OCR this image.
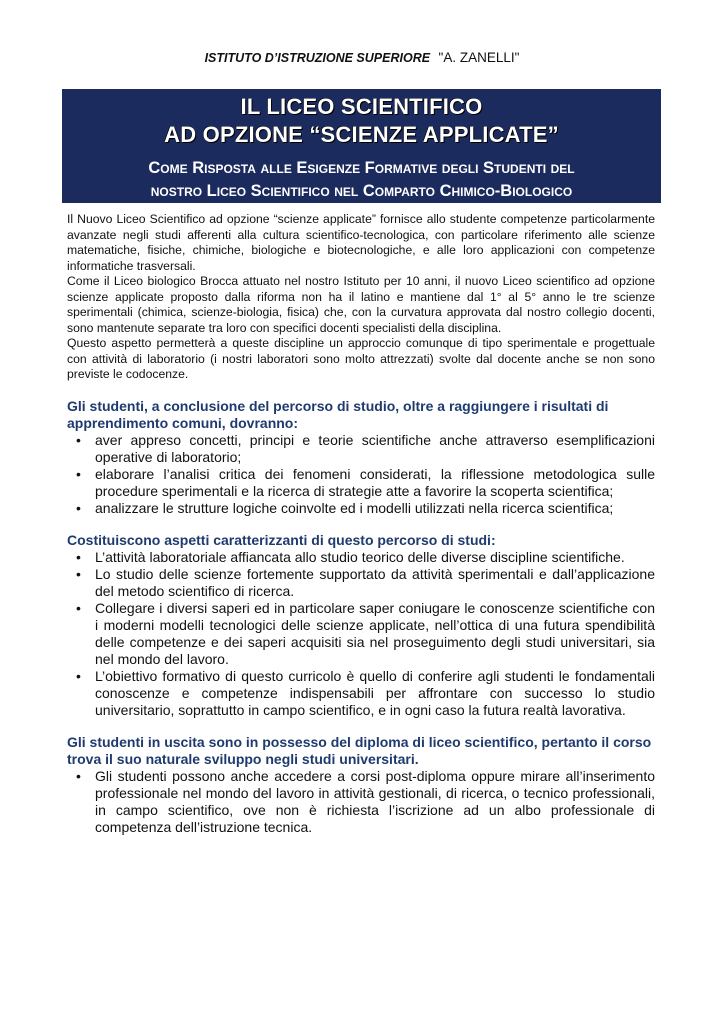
ISTITUTO D’ISTRUZIONE SUPERIORE "A. ZANELLI"
IL LICEO SCIENTIFICO
AD OPZIONE “SCIENZE APPLICATE”
Come Risposta alle Esigenze Formative degli Studenti del
nostro Liceo Scientifico nel Comparto Chimico-Biologico

Il Nuovo Liceo Scientifico ad opzione “scienze applicate” fornisce allo studente competenze particolarmente avanzate negli studi afferenti alla cultura scientifico-tecnologica, con particolare riferimento alle scienze matematiche, fisiche, chimiche, biologiche e biotecnologiche, e alle loro applicazioni con competenze informatiche trasversali.

Come il Liceo biologico Brocca attuato nel nostro Istituto per 10 anni, il nuovo Liceo scientifico ad opzione scienze applicate proposto dalla riforma non ha il latino e mantiene dal 1° al 5° anno le tre scienze sperimentali (chimica, scienze-biologia, fisica) che, con la curvatura approvata dal nostro collegio docenti, sono mantenute separate tra loro con specifici docenti specialisti della disciplina.

Questo aspetto permetterà a queste discipline un approccio comunque di tipo sperimentale e progettuale con attività di laboratorio (i nostri laboratori sono molto attrezzati) svolte dal docente anche se non sono previste le codocenze.

Gli studenti, a conclusione del percorso di studio, oltre a raggiungere i risultati di apprendimento comuni, dovranno:
• aver appreso concetti, principi e teorie scientifiche anche attraverso esemplificazioni operative di laboratorio;
• elaborare l’analisi critica dei fenomeni considerati, la riflessione metodologica sulle procedure sperimentali e la ricerca di strategie atte a favorire la scoperta scientifica;
• analizzare le strutture logiche coinvolte ed i modelli utilizzati nella ricerca scientifica;
Costituiscono aspetti caratterizzanti di questo percorso di studi:
• L’attività laboratoriale affiancata allo studio teorico delle diverse discipline scientifiche.
• Lo studio delle scienze fortemente supportato da attività sperimentali e dall’applicazione del metodo scientifico di ricerca.
• Collegare i diversi saperi ed in particolare saper coniugare le conoscenze scientifiche con i moderni modelli tecnologici delle scienze applicate, nell’ottica di una futura spendibilità delle competenze e dei saperi acquisiti sia nel proseguimento degli studi universitari, sia nel mondo del lavoro.
• L’obiettivo formativo di questo curricolo è quello di conferire agli studenti le fondamentali conoscenze e competenze indispensabili per affrontare con successo lo studio universitario, soprattutto in campo scientifico, e in ogni caso la futura realtà lavorativa.
Gli studenti in uscita sono in possesso del diploma di liceo scientifico, pertanto il corso trova il suo naturale sviluppo negli studi universitari.
• Gli studenti possono anche accedere a corsi post-diploma oppure mirare all’inserimento professionale nel mondo del lavoro in attività gestionali, di ricerca, o tecnico professionali, in campo scientifico, ove non è richiesta l’iscrizione ad un albo professionale di competenza dell’istruzione tecnica.
